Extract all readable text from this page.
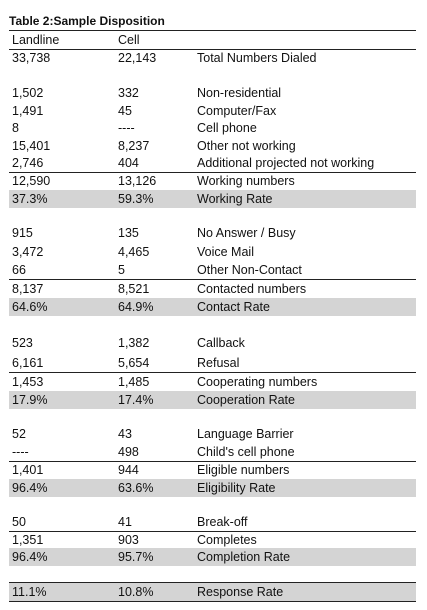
Table 2:Sample Disposition
Landline	Cell
33,738	22,143	Total Numbers Dialed
1,502	332	Non-residential
1,491	45	Computer/Fax
8	----	Cell phone
15,401	8,237	Other not working
2,746	404	Additional projected not working
12,590	13,126	Working numbers
37.3%	59.3%	Working Rate
915	135	No Answer / Busy
3,472	4,465	Voice Mail
66	5	Other Non-Contact
8,137	8,521	Contacted numbers
64.6%	64.9%	Contact Rate
523	1,382	Callback
6,161	5,654	Refusal
1,453	1,485	Cooperating numbers
17.9%	17.4%	Cooperation Rate
52	43	Language Barrier
----	498	Child's cell phone
1,401	944	Eligible numbers
96.4%	63.6%	Eligibility Rate
50	41	Break-off
1,351	903	Completes
96.4%	95.7%	Completion Rate
11.1%	10.8%	Response Rate
